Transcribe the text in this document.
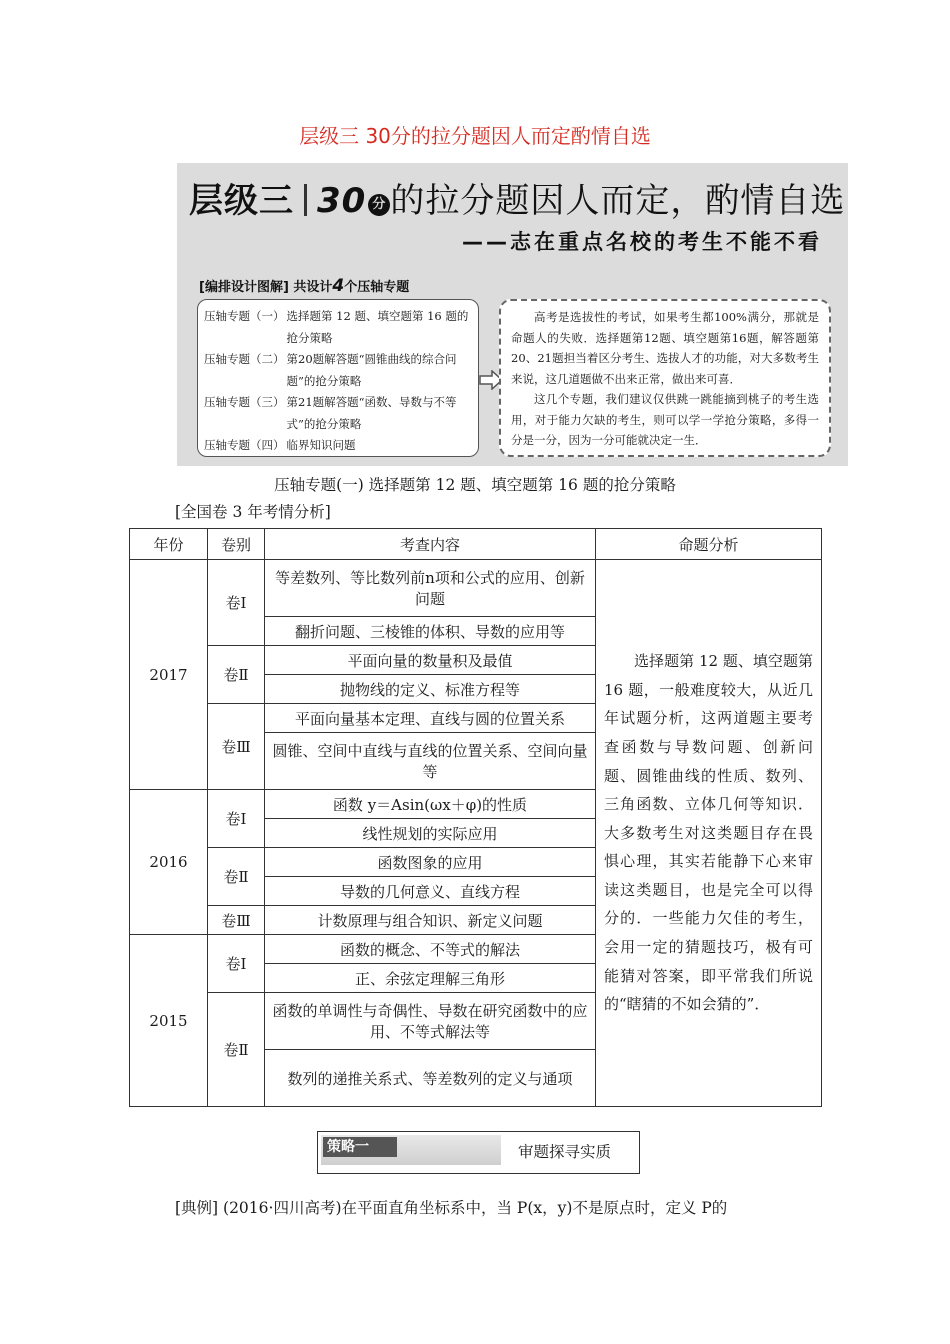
层级三 30分的拉分题因人而定酌情自选
层级三 30 分 的拉分题因人而定，酌情自选
——志在重点名校的考生不能不看
[编排设计图解] 共设计4个压轴专题
压轴专题（一） 选择题第 12 题、填空题第 16 题的抢分策略
压轴专题（二） 第20题解答题“圆锥曲线的综合问题”的抢分策略
压轴专题（三） 第21题解答题“函数、导数与不等式”的抢分策略
压轴专题（四） 临界知识问题

高考是选拔性的考试，如果考生都100%满分，那就是命题人的失败．选择题第12题、填空题第16题，解答题第20、21题担当着区分考生、选拔人才的功能，对大多数考生来说，这几道题做不出来正常，做出来可喜．

这几个专题，我们建议仅供跳一跳能摘到桃子的考生选用，对于能力欠缺的考生，则可以学一学抢分策略，多得一分是一分，因为一分可能就决定一生．

压轴专题(一) 选择题第 12 题、填空题第 16 题的抢分策略
[全国卷 3 年考情分析]
年份	卷别	考查内容	命题分析
2017	卷Ⅰ	等差数列、等比数列前n项和公式的应用、创新问题	选择题第 12 题、填空题第 16 题，一般难度较大，从近几年试题分析，这两道题主要考查函数与导数问题、创新问题、圆锥曲线的性质、数列、三角函数、立体几何等知识．大多数考生对这类题目存在畏惧心理，其实若能静下心来审读这类题目，也是完全可以得分的．一些能力欠佳的考生，会用一定的猜题技巧，极有可能猜对答案，即平常我们所说的“瞎猜的不如会猜的”．
		翻折问题、三棱锥的体积、导数的应用等	
	卷Ⅱ	平面向量的数量积及最值	
		抛物线的定义、标准方程等	
	卷Ⅲ	平面向量基本定理、直线与圆的位置关系	
		圆锥、空间中直线与直线的位置关系、空间向量等	
2016	卷Ⅰ	函数 y＝Asin(ωx＋φ)的性质	
		线性规划的实际应用	
	卷Ⅱ	函数图象的应用	
		导数的几何意义、直线方程	
	卷Ⅲ	计数原理与组合知识、新定义问题	
2015	卷Ⅰ	函数的概念、不等式的解法	
		正、余弦定理解三角形	
	卷Ⅱ	函数的单调性与奇偶性、导数在研究函数中的应用、不等式解法等	
		数列的递推关系式、等差数列的定义与通项	
策略一	审题探寻实质
[典例] (2016·四川高考)在平面直角坐标系中，当 P(x，y)不是原点时，定义 P的
